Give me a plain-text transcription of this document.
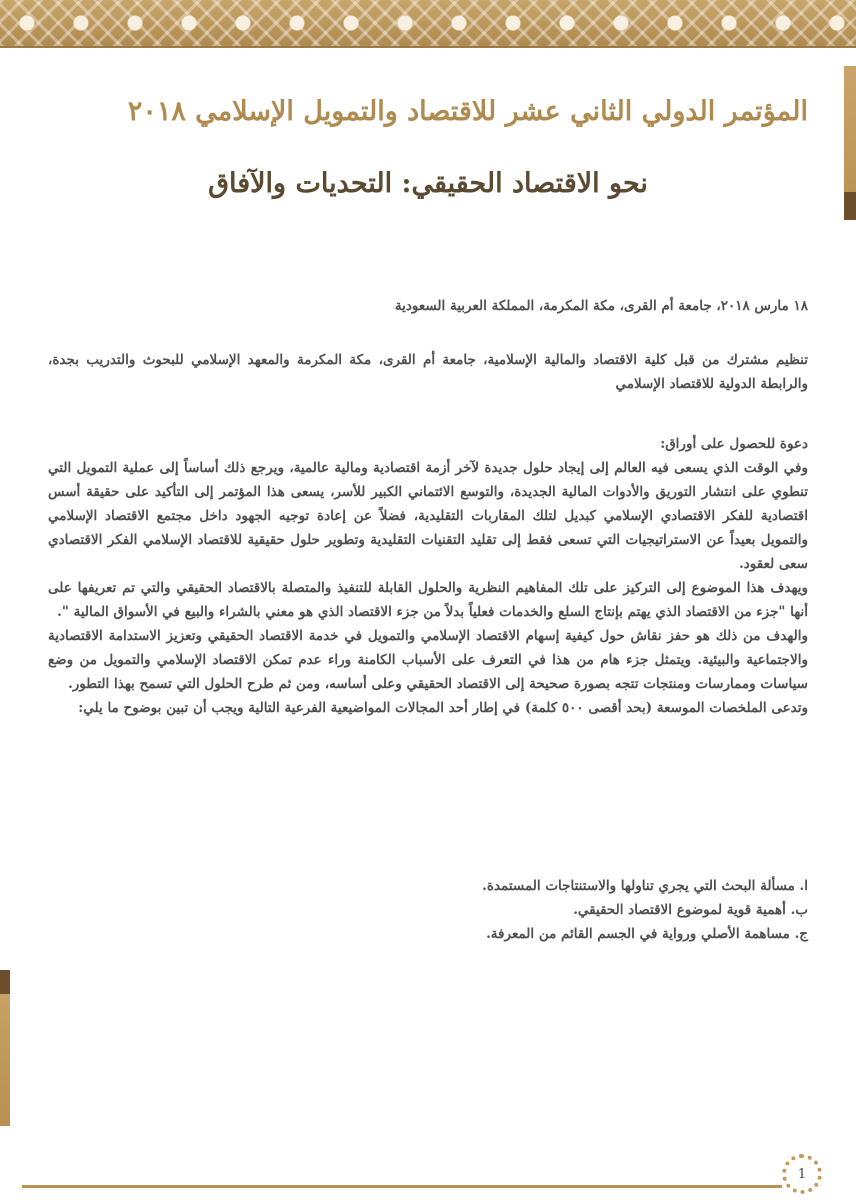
المؤتمر الدولي الثاني عشر للاقتصاد والتمويل الإسلامي ٢٠١٨
نحو الاقتصاد الحقيقي: التحديات والآفاق
١٨ مارس ٢٠١٨، جامعة أم القرى، مكة المكرمة، المملكة العربية السعودية
تنظيم مشترك من قبل كلية الاقتصاد والمالية الإسلامية، جامعة أم القرى، مكة المكرمة والمعهد الإسلامي للبحوث والتدريب بجدة، والرابطة الدولية للاقتصاد الإسلامي
دعوة للحصول على أوراق:
وفي الوقت الذي يسعى فيه العالم إلى إيجاد حلول جديدة لآخر أزمة اقتصادية ومالية عالمية، ويرجع ذلك أساساً إلى عملية التمويل التي تنطوي على انتشار التوريق والأدوات المالية الجديدة، والتوسع الائتماني الكبير للأسر، يسعى هذا المؤتمر إلى التأكيد على حقيقة أسس اقتصادية للفكر الاقتصادي الإسلامي كبديل لتلك المقاربات التقليدية، فضلاً عن إعادة توجيه الجهود داخل مجتمع الاقتصاد الإسلامي والتمويل بعيداً عن الاستراتيجيات التي تسعى فقط إلى تقليد التقنيات التقليدية وتطوير حلول حقيقية للاقتصاد الإسلامي الفكر الاقتصادي سعى لعقود.
ويهدف هذا الموضوع إلى التركيز على تلك المفاهيم النظرية والحلول القابلة للتنفيذ والمتصلة بالاقتصاد الحقيقي والتي تم تعريفها على أنها "جزء من الاقتصاد الذي يهتم بإنتاج السلع والخدمات فعلياً بدلاً من جزء الاقتصاد الذي هو معني بالشراء والبيع في الأسواق المالية ".
والهدف من ذلك هو حفز نقاش حول كيفية إسهام الاقتصاد الإسلامي والتمويل في خدمة الاقتصاد الحقيقي وتعزيز الاستدامة الاقتصادية والاجتماعية والبيئية. ويتمثل جزء هام من هذا في التعرف على الأسباب الكامنة وراء عدم تمكن الاقتصاد الإسلامي والتمويل من وضع سياسات وممارسات ومنتجات تتجه بصورة صحيحة إلى الاقتصاد الحقيقي وعلى أساسه، ومن ثم طرح الحلول التي تسمح بهذا التطور.
وتدعى الملخصات الموسعة (بحد أقصى ٥٠٠ كلمة) في إطار أحد المجالات المواضيعية الفرعية التالية ويجب أن تبين بوضوح ما يلي:
ا. مسألة البحث التي يجري تناولها والاستنتاجات المستمدة.
ب. أهمية قوية لموضوع الاقتصاد الحقيقي.
ج. مساهمة الأصلي ورواية في الجسم القائم من المعرفة.
1
